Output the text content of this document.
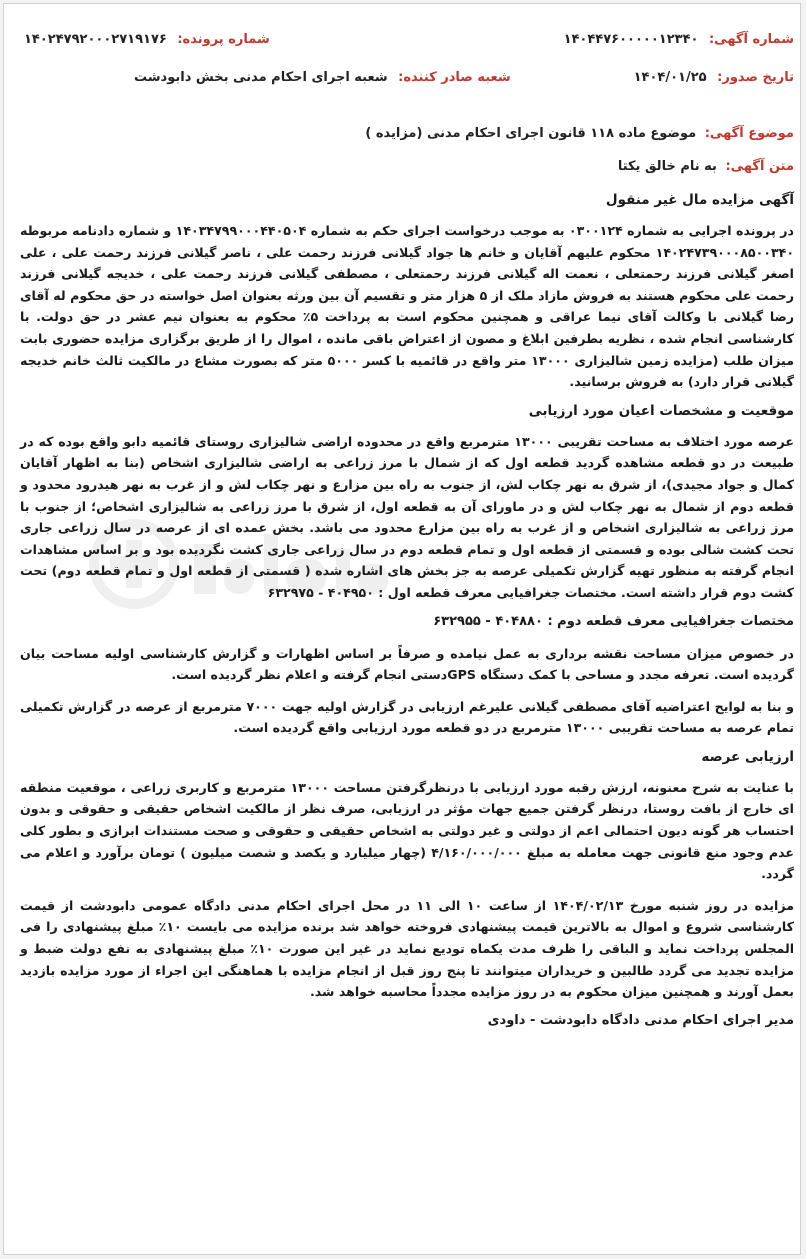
شماره آگهی: ۱۴۰۴۴۷۶۰۰۰۰۰۱۲۳۴۰
شماره پرونده: ۱۴۰۲۴۷۹۲۰۰۰۲۷۱۹۱۷۶
تاریخ صدور: ۱۴۰۴/۰۱/۲۵
شعبه صادر کننده: شعبه اجرای احکام مدنی بخش دابودشت
موضوع آگهی: موضوع ماده ۱۱۸ قانون اجرای احکام مدنی (مزایده )
متن آگهی: به نام خالق یکتا
آگهی مزایده مال غیر منقول

در پرونده اجرایی به شماره ۰۳۰۰۱۲۴ به موجب درخواست اجرای حکم به شماره ۱۴۰۳۴۷۹۹۰۰۰۴۴۰۵۰۴ و شماره دادنامه مربوطه ۱۴۰۲۴۷۳۹۰۰۰۸۵۰۰۳۴۰ محکوم علیهم آقایان و خانم ها جواد گیلانی فرزند رحمت علی ، ناصر گیلانی فرزند رحمت علی ، علی اصغر گیلانی فرزند رحمتعلی ، نعمت اله گیلانی فرزند رحمتعلی ، مصطفی گیلانی فرزند رحمت علی ، خدیجه گیلانی فرزند رحمت علی محکوم هستند به فروش مازاد ملک از ۵ هزار متر و تقسیم آن بین ورثه بعنوان اصل خواسته در حق محکوم له آقای رضا گیلانی با وکالت آقای نیما عراقی و همچنین محکوم است به پرداخت ۵٪ محکوم به بعنوان نیم عشر در حق دولت. با کارشناسی انجام شده ، نظریه بطرفین ابلاغ و مصون از اعتراض باقی مانده ، اموال را از طریق برگزاری مزایده حضوری بابت میزان طلب (مزایده زمین شالیزاری ۱۳۰۰۰ متر واقع در قائمیه با کسر ۵۰۰۰ متر که بصورت مشاع در مالکیت ثالث خانم خدیجه گیلانی قرار دارد) به فروش برسانید.

موقعیت و مشخصات اعیان مورد ارزیابی

عرصه مورد اختلاف به مساحت تقریبی ۱۳۰۰۰ مترمربع واقع در محدوده اراضی شالیزاری روستای قائمیه دابو واقع بوده که در طبیعت در دو قطعه مشاهده گردید قطعه اول که از شمال با مرز زراعی به اراضی شالیزاری اشخاص (بنا به اظهار آقایان کمال و جواد مجیدی)، از شرق به نهر چکاب لش، از جنوب به راه بین مزارع و نهر چکاب لش و از غرب به نهر هیدرود محدود و قطعه دوم از شمال به نهر چکاب لش و در ماورای آن به قطعه اول، از شرق با مرز زراعی به شالیزاری اشخاص؛ از جنوب با مرز زراعی به شالیزاری اشخاص و از غرب به راه بین مزارع محدود می باشد. بخش عمده ای از عرصه در سال زراعی جاری تحت کشت شالی بوده و قسمتی از قطعه اول و تمام قطعه دوم در سال زراعی جاری کشت نگردیده بود و بر اساس مشاهدات انجام گرفته به منظور تهیه گزارش تکمیلی عرصه به جز بخش های اشاره شده ( قسمتی از قطعه اول و تمام قطعه دوم) تحت کشت دوم قرار داشته است. مختصات جغرافیایی معرف قطعه اول : ۴۰۴۹۵۰ - ۶۳۲۹۷۵

مختصات جغرافیایی معرف قطعه دوم : ۴۰۴۸۸۰ - ۶۳۲۹۵۵

در خصوص میزان مساحت نقشه برداری به عمل نیامده و صرفاً بر اساس اظهارات و گزارش کارشناسی اولیه مساحت بیان گردیده است. تعرفه مجدد و مساحی با کمک دستگاه GPSدستی انجام گرفته و اعلام نظر گردیده است.

و بنا به لوایح اعتراضیه آقای مصطفی گیلانی علیرغم ارزیابی در گزارش اولیه جهت ۷۰۰۰ مترمربع از عرصه در گزارش تکمیلی تمام عرصه به مساحت تقریبی ۱۳۰۰۰ مترمربع در دو قطعه مورد ارزیابی واقع گردیده است.

ارزیابی عرصه

با عنایت به شرح معنونه، ارزش رقبه مورد ارزیابی با درنظرگرفتن مساحت ۱۳۰۰۰ مترمربع و کاربری زراعی ، موقعیت منطقه ای خارج از بافت روستا، درنظر گرفتن جمیع جهات مؤثر در ارزیابی، صرف نظر از مالکیت اشخاص حقیقی و حقوقی و بدون احتساب هر گونه دیون احتمالی اعم از دولتی و غیر دولتی به اشخاص حقیقی و حقوقی و صحت مستندات ابرازی و بطور کلی عدم وجود منع قانونی جهت معامله به مبلغ ۴/۱۶۰/۰۰۰/۰۰۰ (چهار میلیارد و یکصد و شصت میلیون ) تومان برآورد و اعلام می گردد.

مزایده در روز شنبه مورخ ۱۴۰۴/۰۲/۱۳ از ساعت ۱۰ الی ۱۱ در محل اجرای احکام مدنی دادگاه عمومی دابودشت از قیمت کارشناسی شروع و اموال به بالاترین قیمت پیشنهادی فروخته خواهد شد برنده مزایده می بایست ۱۰٪ مبلغ پیشنهادی را فی المجلس پرداخت نماید و الباقی را ظرف مدت یکماه تودیع نماید در غیر این صورت ۱۰٪ مبلغ پیشنهادی به نفع دولت ضبط و مزایده تجدید می گردد طالبین و خریداران میتوانند تا پنج روز قبل از انجام مزایده با هماهنگی این اجراء از مورد مزایده بازدید بعمل آورند و همچنین میزان محکوم به در روز مزایده مجدداً محاسبه خواهد شد.

مدیر اجرای احکام مدنی دادگاه دابودشت - داودی
